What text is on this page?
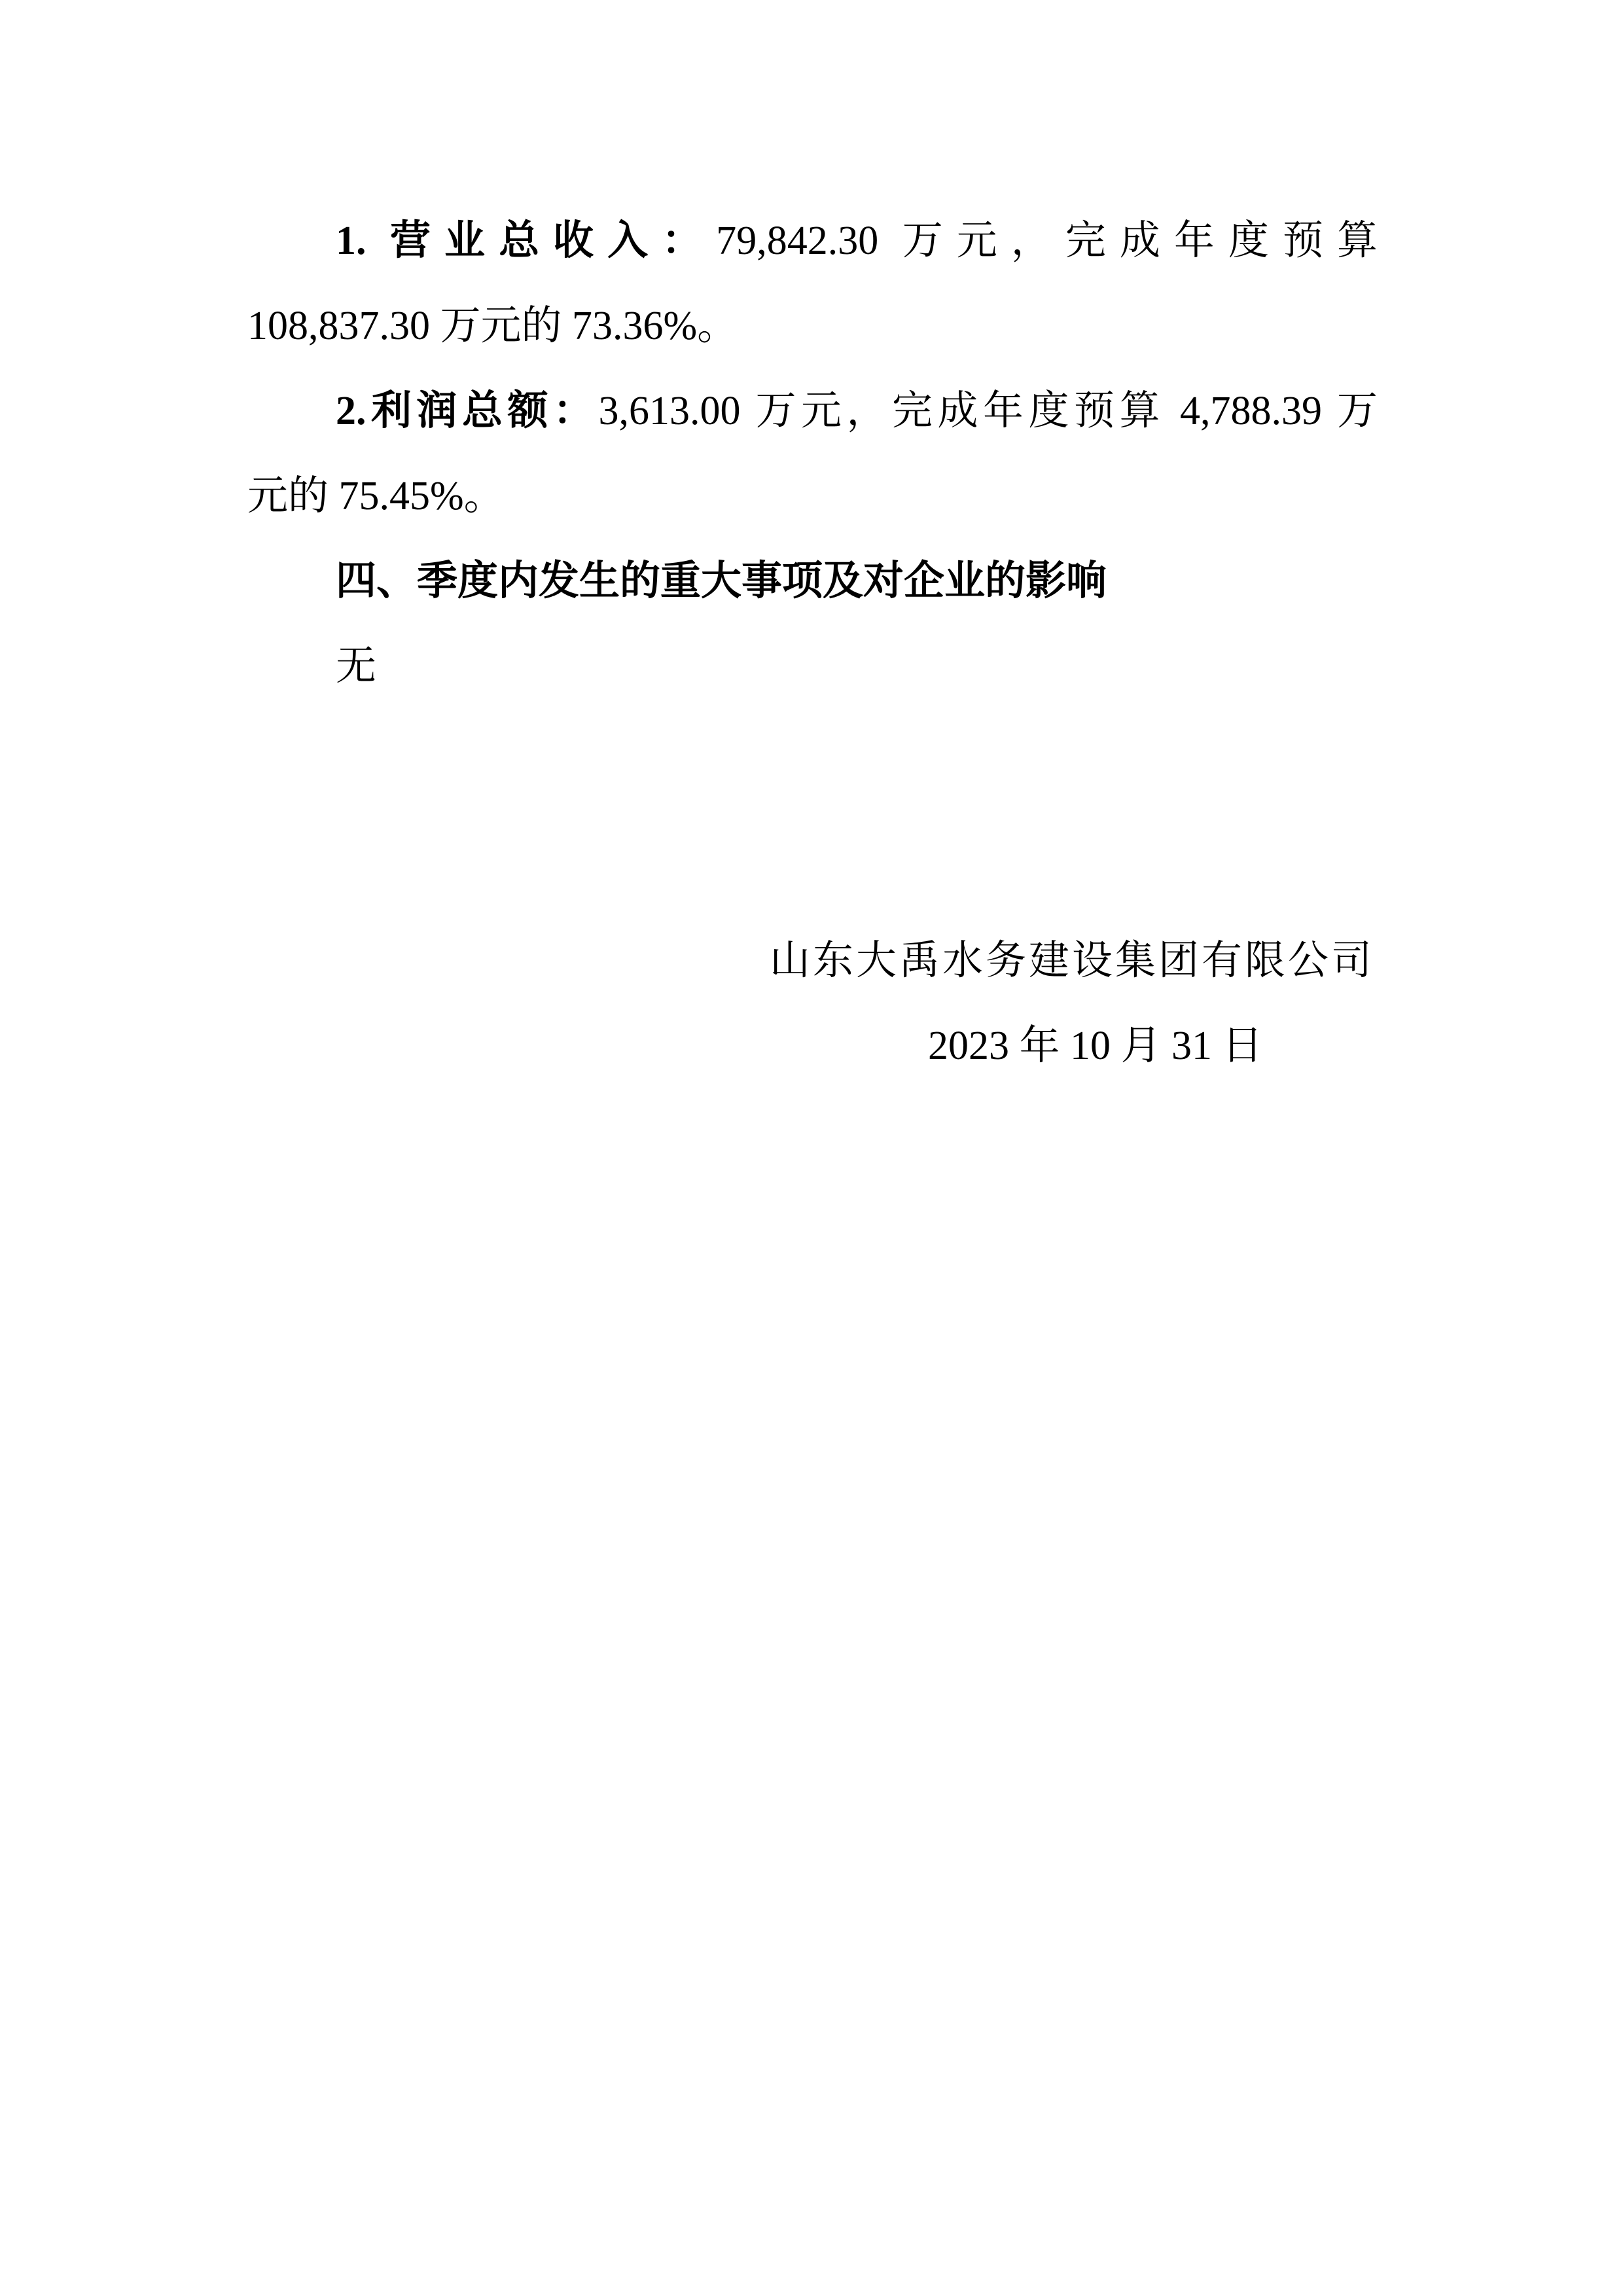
1. 营业总收入：79,842.30 万元，完成年度预算

108,837.30 万元的 73.36%。

2.利润总额：3,613.00 万元，完成年度预算 4,788.39 万

元的 75.45%。

四、季度内发生的重大事项及对企业的影响

无

山东大禹水务建设集团有限公司
2023 年 10 月 31 日
